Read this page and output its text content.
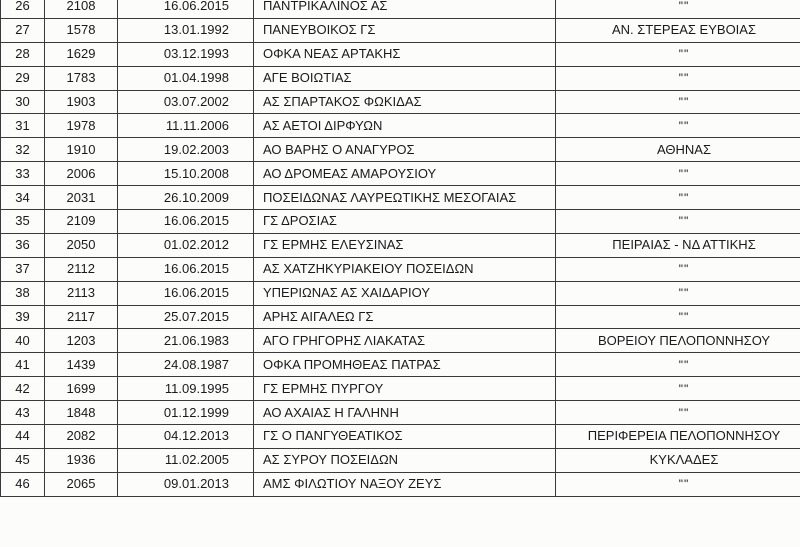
26	2108	16.06.2015	ΠΑΝΤΡΙΚΑΛΙΝΟΣ ΑΣ	""
27	1578	13.01.1992	ΠΑΝΕΥΒΟΙΚΟΣ ΓΣ	ΑΝ. ΣΤΕΡΕΑΣ ΕΥΒΟΙΑΣ
28	1629	03.12.1993	ΟΦΚΑ ΝΕΑΣ ΑΡΤΑΚΗΣ	""
29	1783	01.04.1998	ΑΓΕ ΒΟΙΩΤΙΑΣ	""
30	1903	03.07.2002	ΑΣ ΣΠΑΡΤΑΚΟΣ ΦΩΚΙΔΑΣ	""
31	1978	11.11.2006	ΑΣ ΑΕΤΟΙ ΔΙΡΦΥΩΝ	""
32	1910	19.02.2003	ΑΟ ΒΑΡΗΣ Ο ΑΝΑΓΥΡΟΣ	ΑΘΗΝΑΣ
33	2006	15.10.2008	ΑΟ ΔΡΟΜΕΑΣ ΑΜΑΡΟΥΣΙΟΥ	""
34	2031	26.10.2009	ΠΟΣΕΙΔΩΝΑΣ ΛΑΥΡΕΩΤΙΚΗΣ ΜΕΣΟΓΑΙΑΣ	""
35	2109	16.06.2015	ΓΣ ΔΡΟΣΙΑΣ	""
36	2050	01.02.2012	ΓΣ ΕΡΜΗΣ ΕΛΕΥΣΙΝΑΣ	ΠΕΙΡΑΙΑΣ - ΝΔ ΑΤΤΙΚΗΣ
37	2112	16.06.2015	ΑΣ ΧΑΤΖΗΚΥΡΙΑΚΕΙΟΥ ΠΟΣΕΙΔΩΝ	""
38	2113	16.06.2015	ΥΠΕΡΙΩΝΑΣ ΑΣ ΧΑΙΔΑΡΙΟΥ	""
39	2117	25.07.2015	ΑΡΗΣ ΑΙΓΑΛΕΩ ΓΣ	""
40	1203	21.06.1983	ΑΓΟ ΓΡΗΓΟΡΗΣ ΛΙΑΚΑΤΑΣ	ΒΟΡΕΙΟΥ ΠΕΛΟΠΟΝΝΗΣΟΥ
41	1439	24.08.1987	ΟΦΚΑ ΠΡΟΜΗΘΕΑΣ ΠΑΤΡΑΣ	""
42	1699	11.09.1995	ΓΣ ΕΡΜΗΣ ΠΥΡΓΟΥ	""
43	1848	01.12.1999	ΑΟ ΑΧΑΙΑΣ Η ΓΑΛΗΝΗ	""
44	2082	04.12.2013	ΓΣ Ο ΠΑΝΓΥΘΕΑΤΙΚΟΣ	ΠΕΡΙΦΕΡΕΙΑ ΠΕΛΟΠΟΝΝΗΣΟΥ
45	1936	11.02.2005	ΑΣ ΣΥΡΟΥ ΠΟΣΕΙΔΩΝ	ΚΥΚΛΑΔΕΣ
46	2065	09.01.2013	ΑΜΣ ΦΙΛΩΤΙΟΥ ΝΑΞΟΥ ΖΕΥΣ	""
